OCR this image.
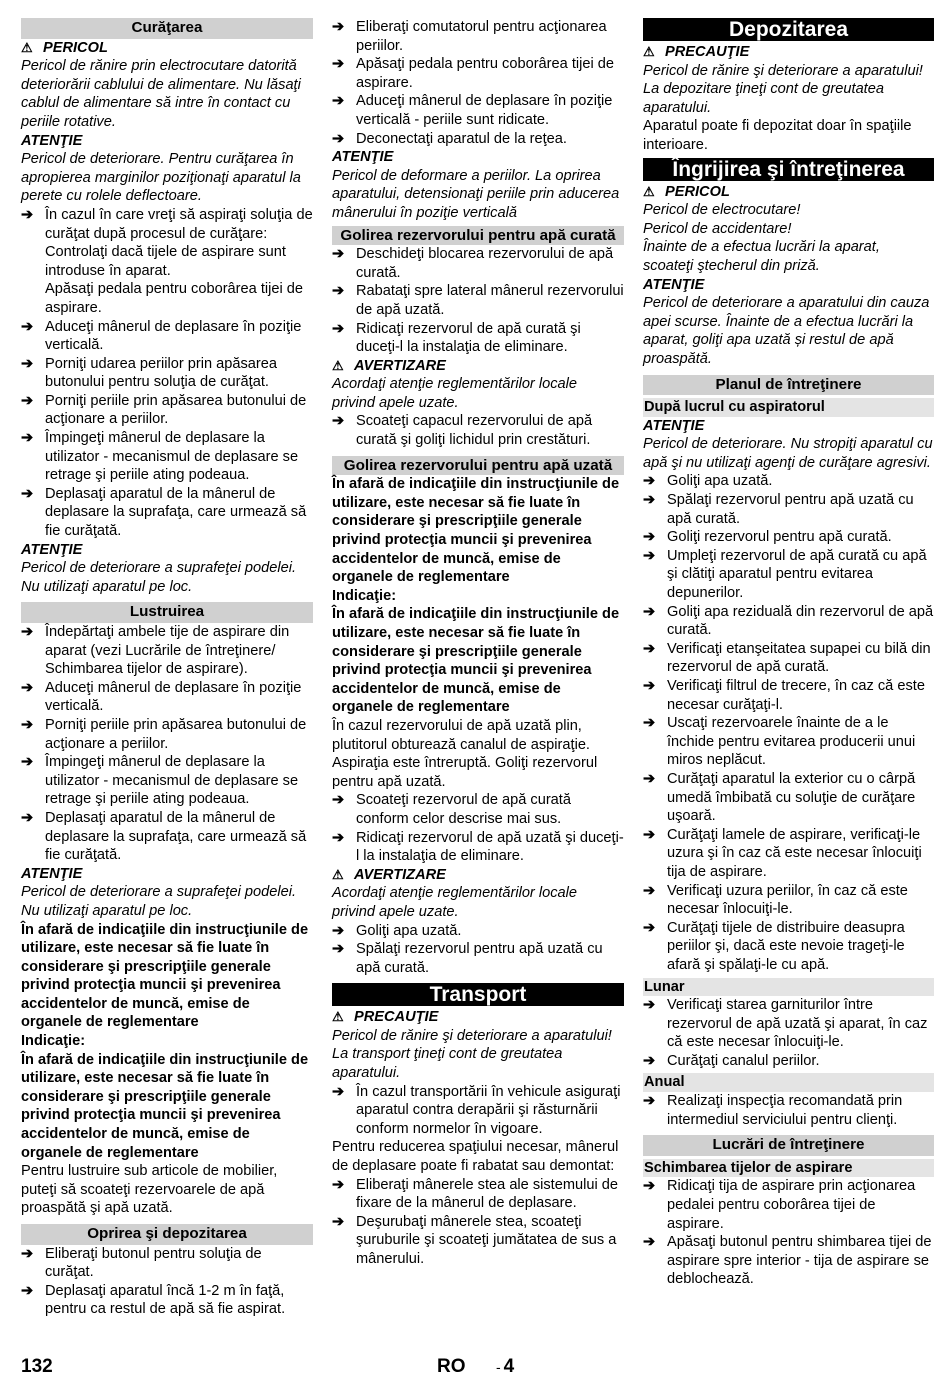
Curăţarea
⚠ PERICOL
Pericol de rănire prin electrocutare datorită deteriorării cablului de alimentare. Nu lăsaţi cablul de alimentare să intre în contact cu periile rotative.
ATENŢIE
Pericol de deteriorare. Pentru curăţarea în apropierea marginilor poziţionaţi aparatul la perete cu rolele deflectoare.
➔ În cazul în care vreţi să aspiraţi soluţia de curăţat după procesul de curăţare: Controlaţi dacă tijele de aspirare sunt introduse în aparat.
Apăsaţi pedala pentru coborârea tijei de aspirare.
➔ Aduceţi mânerul de deplasare în poziţie verticală.
➔ Porniţi udarea periilor prin apăsarea butonului pentru soluţia de curăţat.
➔ Porniţi periile prin apăsarea butonului de acţionare a periilor.
➔ Împingeţi mânerul de deplasare la utilizator - mecanismul de deplasare se retrage şi periile ating podeaua.
➔ Deplasaţi aparatul de la mânerul de deplasare la suprafaţa, care urmează să fie curăţată.
ATENŢIE
Pericol de deteriorare a suprafeţei podelei. Nu utilizaţi aparatul pe loc.
Lustruirea
➔ Îndepărtaţi ambele tije de aspirare din aparat (vezi Lucrările de întreţinere/ Schimbarea tijelor de aspirare).
➔ Aduceţi mânerul de deplasare în poziţie verticală.
➔ Porniţi periile prin apăsarea butonului de acţionare a periilor.
➔ Împingeţi mânerul de deplasare la utilizator - mecanismul de deplasare se retrage şi periile ating podeaua.
➔ Deplasaţi aparatul de la mânerul de deplasare la suprafaţa, care urmează să fie curăţată.
ATENŢIE
Pericol de deteriorare a suprafeţei podelei. Nu utilizaţi aparatul pe loc.
În afară de indicaţiile din instrucţiunile de utilizare, este necesar să fie luate în considerare şi prescripţiile generale privind protecţia muncii şi prevenirea accidentelor de muncă, emise de organele de reglementare
Indicaţie:
În afară de indicaţiile din instrucţiunile de utilizare, este necesar să fie luate în considerare şi prescripţiile generale privind protecţia muncii şi prevenirea accidentelor de muncă, emise de organele de reglementare
Pentru lustruire sub articole de mobilier, puteţi să scoateţi rezervoarele de apă proaspătă şi apă uzată.
Oprirea şi depozitarea
➔ Eliberaţi butonul pentru soluţia de curăţat.
➔ Deplasaţi aparatul încă 1-2 m în faţă, pentru ca restul de apă să fie aspirat.
➔ Eliberaţi comutatorul pentru acţionarea periilor.
➔ Apăsaţi pedala pentru coborârea tijei de aspirare.
➔ Aduceţi mânerul de deplasare în poziţie verticală - periile sunt ridicate.
➔ Deconectaţi aparatul de la reţea.
ATENŢIE
Pericol de deformare a periilor. La oprirea aparatului, detensionaţi periile prin aducerea mânerului în poziţie verticală
Golirea rezervorului pentru apă curată
➔ Deschideţi blocarea rezervorului de apă curată.
➔ Rabataţi spre lateral mânerul rezervorului de apă uzată.
➔ Ridicaţi rezervorul de apă curată şi duceţi-l la instalaţia de eliminare.
⚠ AVERTIZARE
Acordaţi atenţie reglementărilor locale privind apele uzate.
➔ Scoateţi capacul rezervorului de apă curată şi goliţi lichidul prin crestături.
Golirea rezervorului pentru apă uzată
În afară de indicaţiile din instrucţiunile de utilizare, este necesar să fie luate în considerare şi prescripţiile generale privind protecţia muncii şi prevenirea accidentelor de muncă, emise de organele de reglementare
Indicaţie:
În afară de indicaţiile din instrucţiunile de utilizare, este necesar să fie luate în considerare şi prescripţiile generale privind protecţia muncii şi prevenirea accidentelor de muncă, emise de organele de reglementare
În cazul rezervorului de apă uzată plin, plutitorul obturează canalul de aspiraţie. Aspiraţia este întreruptă. Goliţi rezervorul pentru apă uzată.
➔ Scoateţi rezervorul de apă curată conform celor descrise mai sus.
➔ Ridicaţi rezervorul de apă uzată şi duceţi-l la instalaţia de eliminare.
⚠ AVERTIZARE
Acordaţi atenţie reglementărilor locale privind apele uzate.
➔ Goliţi apa uzată.
➔ Spălaţi rezervorul pentru apă uzată cu apă curată.
Transport
⚠ PRECAUŢIE
Pericol de rănire şi deteriorare a aparatului! La transport ţineţi cont de greutatea aparatului.
➔ În cazul transportării în vehicule asiguraţi aparatul contra derapării şi răsturnării conform normelor în vigoare.
Pentru reducerea spaţiului necesar, mânerul de deplasare poate fi rabatat sau demontat:
➔ Eliberaţi mânerele stea ale sistemului de fixare de la mânerul de deplasare.
➔ Deşurubaţi mânerele stea, scoateţi şuruburile şi scoateţi jumătatea de sus a mânerului.
Depozitarea
⚠ PRECAUŢIE
Pericol de rănire şi deteriorare a aparatului! La depozitare ţineţi cont de greutatea aparatului.
Aparatul poate fi depozitat doar în spaţiile interioare.
Îngrijirea şi întreţinerea
⚠ PERICOL
Pericol de electrocutare!
Pericol de accidentare!
Înainte de a efectua lucrări la aparat, scoateţi ştecherul din priză.
ATENŢIE
Pericol de deteriorare a aparatului din cauza apei scurse. Înainte de a efectua lucrări la aparat, goliţi apa uzată și restul de apă proaspătă.
Planul de întreţinere
După lucrul cu aspiratorul
ATENŢIE
Pericol de deteriorare. Nu stropiţi aparatul cu apă şi nu utilizaţi agenţi de curăţare agresivi.
➔ Goliţi apa uzată.
➔ Spălaţi rezervorul pentru apă uzată cu apă curată.
➔ Goliţi rezervorul pentru apă curată.
➔ Umpleţi rezervorul de apă curată cu apă şi clătiţi aparatul pentru evitarea depunerilor.
➔ Goliţi apa reziduală din rezervorul de apă curată.
➔ Verificaţi etanşeitatea supapei cu bilă din rezervorul de apă curată.
➔ Verificaţi filtrul de trecere, în caz că este necesar curăţaţi-l.
➔ Uscaţi rezervoarele înainte de a le închide pentru evitarea producerii unui miros neplăcut.
➔ Curăţaţi aparatul la exterior cu o cârpă umedă îmbibată cu soluţie de curăţare uşoară.
➔ Curăţaţi lamele de aspirare, verificaţi-le uzura şi în caz că este necesar înlocuiţi tija de aspirare.
➔ Verificaţi uzura periilor, în caz că este necesar înlocuiţi-le.
➔ Curăţaţi tijele de distribuire deasupra periilor şi, dacă este nevoie trageţi-le afară şi spălaţi-le cu apă.
Lunar
➔ Verificaţi starea garniturilor între rezervorul de apă uzată şi aparat, în caz că este necesar înlocuiţi-le.
➔ Curăţaţi canalul periilor.
Anual
➔ Realizaţi inspecţia recomandată prin intermediul serviciului pentru clienţi.
Lucrări de întreţinere
Schimbarea tijelor de aspirare
➔ Ridicaţi tija de aspirare prin acţionarea pedalei pentru coborârea tijei de aspirare.
➔ Apăsaţi butonul pentru shimbarea tijei de aspirare spre interior - tija de aspirare se deblochează.
132	RO - 4
